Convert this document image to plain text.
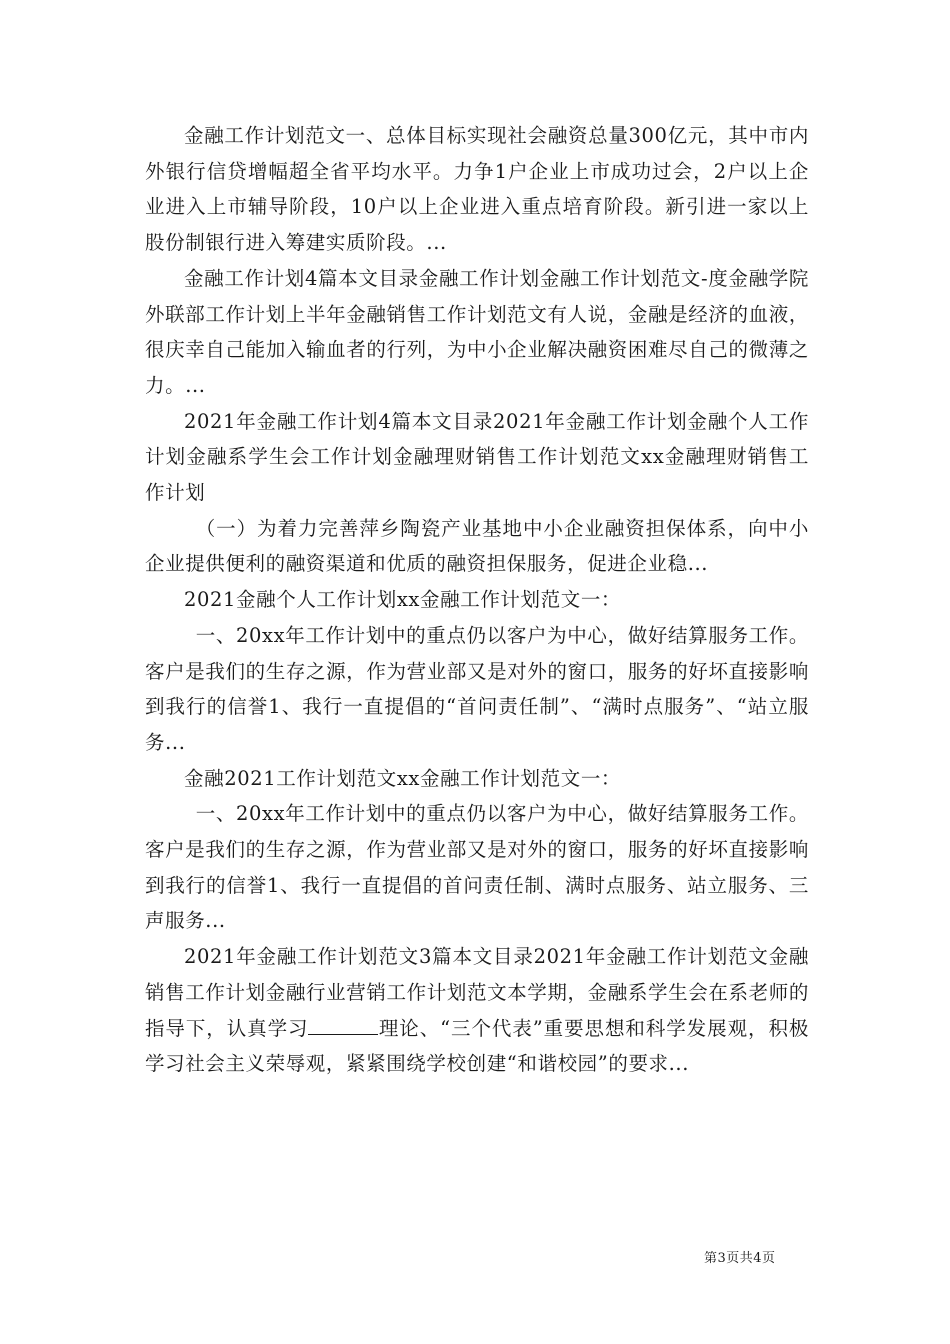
金融工作计划范文一、总体目标实现社会融资总量300亿元，其中市内外银行信贷增幅超全省平均水平。力争1户企业上市成功过会，2户以上企业进入上市辅导阶段，10户以上企业进入重点培育阶段。新引进一家以上股份制银行进入筹建实质阶段。...

金融工作计划4篇本文目录金融工作计划金融工作计划范文-度金融学院外联部工作计划上半年金融销售工作计划范文有人说，金融是经济的血液，很庆幸自己能加入输血者的行列，为中小企业解决融资困难尽自己的微薄之力。...

2021年金融工作计划4篇本文目录2021年金融工作计划金融个人工作计划金融系学生会工作计划金融理财销售工作计划范文xx金融理财销售工作计划

（一）为着力完善萍乡陶瓷产业基地中小企业融资担保体系，向中小企业提供便利的融资渠道和优质的融资担保服务，促进企业稳...

2021金融个人工作计划xx金融工作计划范文一：

一、20xx年工作计划中的重点仍以客户为中心，做好结算服务工作。客户是我们的生存之源，作为营业部又是对外的窗口，服务的好坏直接影响到我行的信誉1、我行一直提倡的“首问责任制”、“满时点服务”、“站立服务...

金融2021工作计划范文xx金融工作计划范文一：

一、20xx年工作计划中的重点仍以客户为中心，做好结算服务工作。客户是我们的生存之源，作为营业部又是对外的窗口，服务的好坏直接影响到我行的信誉1、我行一直提倡的首问责任制、满时点服务、站立服务、三声服务...

2021年金融工作计划范文3篇本文目录2021年金融工作计划范文金融销售工作计划金融行业营销工作计划范文本学期，金融系学生会在系老师的指导下，认真学习	理论、“三个代表”重要思想和科学发展观，积极学习社会主义荣辱观，紧紧围绕学校创建“和谐校园”的要求...

第3页共4页
